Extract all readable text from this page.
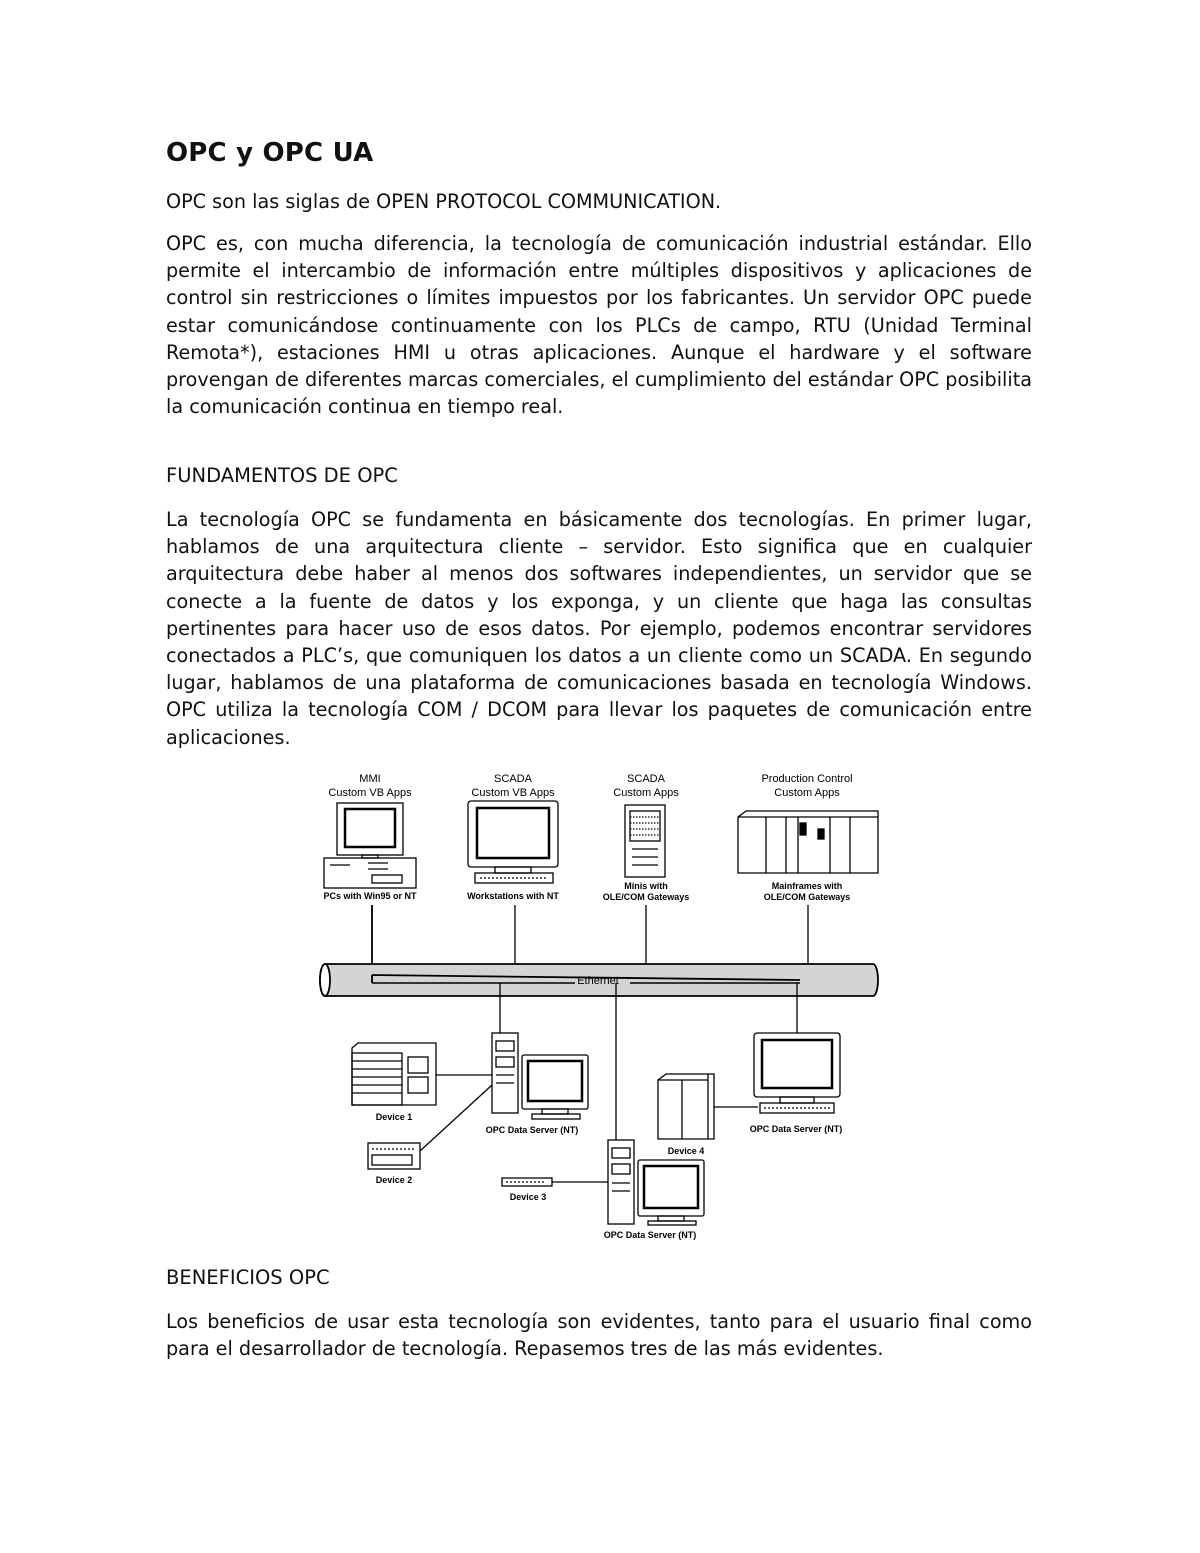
OPC y OPC UA

OPC son las siglas de OPEN PROTOCOL COMMUNICATION.

OPC es, con mucha diferencia, la tecnología de comunicación industrial estándar. Ello permite el intercambio de información entre múltiples dispositivos y aplicaciones de control sin restricciones o límites impuestos por los fabricantes. Un servidor OPC puede estar comunicándose continuamente con los PLCs de campo, RTU (Unidad Terminal Remota*), estaciones HMI u otras aplicaciones. Aunque el hardware y el software provengan de diferentes marcas comerciales, el cumplimiento del estándar OPC posibilita la comunicación continua en tiempo real.

FUNDAMENTOS DE OPC

La tecnología OPC se fundamenta en básicamente dos tecnologías. En primer lugar, hablamos de una arquitectura cliente – servidor. Esto significa que en cualquier arquitectura debe haber al menos dos softwares independientes, un servidor que se conecte a la fuente de datos y los exponga, y un cliente que haga las consultas pertinentes para hacer uso de esos datos. Por ejemplo, podemos encontrar servidores conectados a PLC’s, que comuniquen los datos a un cliente como un SCADA. En segundo lugar, hablamos de una plataforma de comunicaciones basada en tecnología Windows. OPC utiliza la tecnología COM / DCOM para llevar los paquetes de comunicación entre aplicaciones.

MMI
Custom VB Apps
SCADA
Custom VB Apps
SCADA
Custom Apps
Production Control
Custom Apps
PCs with Win95 or NT	Workstations with NT
Minis with
OLE/COM Gateways
Mainframes with
OLE/COM Gateways
Ethernet
Device 1
Device 2
OPC Data Server (NT)
Device 3
OPC Data Server (NT)
Device 4
OPC Data Server (NT)
BENEFICIOS OPC

Los beneficios de usar esta tecnología son evidentes, tanto para el usuario final como para el desarrollador de tecnología. Repasemos tres de las más evidentes.
